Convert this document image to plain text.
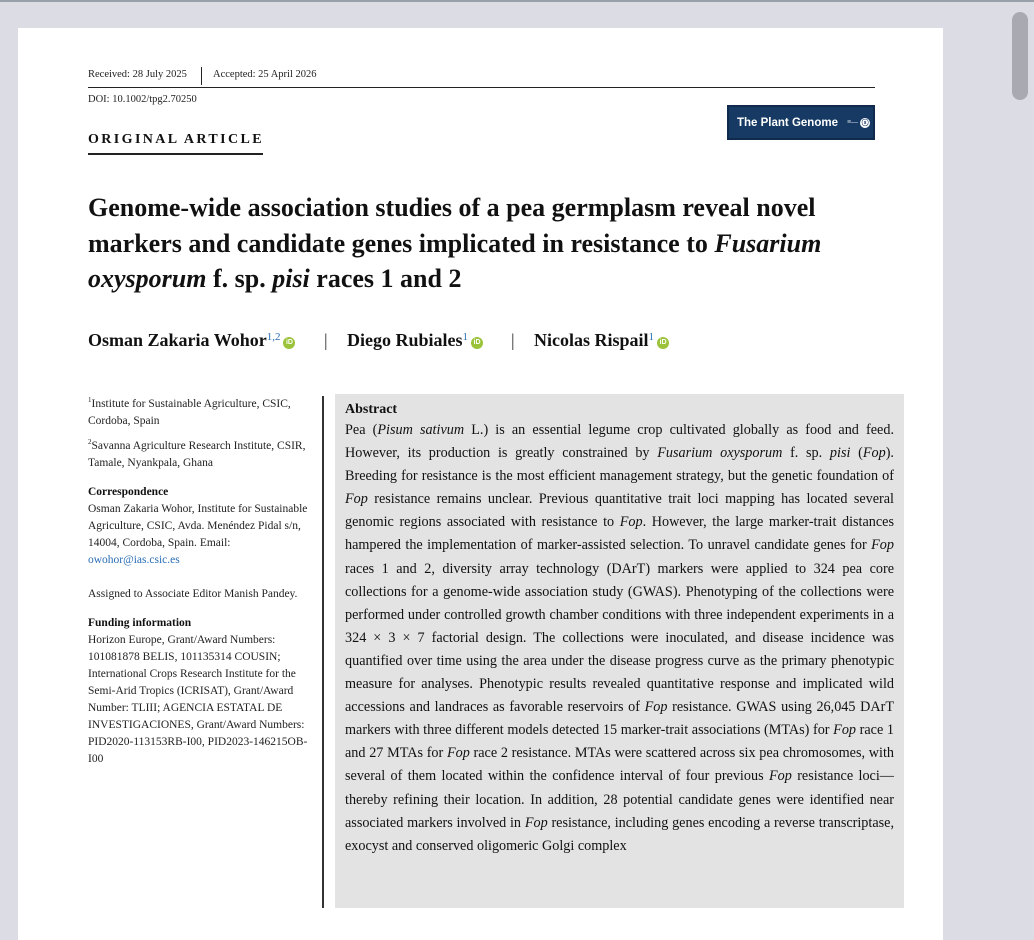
Received: 28 July 2025 Accepted: 25 April 2026
DOI: 10.1002/tpg2.70250
The Plant Genome ≡— ⓢ
ORIGINAL ARTICLE
Genome-wide association studies of a pea germplasm reveal novel markers and candidate genes implicated in resistance to Fusarium oxysporum f. sp. pisi races 1 and 2
Osman Zakaria Wohor$^{1,2}$ iD | Diego Rubiales$^1$ iD | Nicolas Rispail$^1$ iD
$^1$Institute for Sustainable Agriculture, CSIC, Cordoba, Spain
$^2$Savanna Agriculture Research Institute, CSIR, Tamale, Nyankpala, Ghana
Correspondence
Osman Zakaria Wohor, Institute for Sustainable Agriculture, CSIC, Avda. Menéndez Pidal s/n, 14004, Cordoba, Spain. Email: owohor@ias.csic.es
Assigned to Associate Editor Manish Pandey.
Funding information
Horizon Europe, Grant/Award Numbers: 101081878 BELIS, 101135314 COUSIN; International Crops Research Institute for the Semi-Arid Tropics (ICRISAT), Grant/Award Number: TLIII; AGENCIA ESTATAL DE INVESTIGACIONES, Grant/Award Numbers: PID2020-113153RB-I00, PID2023-146215OB-I00
Abstract
Pea (Pisum sativum L.) is an essential legume crop cultivated globally as food and feed. However, its production is greatly constrained by Fusarium oxysporum f. sp. pisi (Fop). Breeding for resistance is the most efficient management strategy, but the genetic foundation of Fop resistance remains unclear. Previous quantitative trait loci mapping has located several genomic regions associated with resistance to Fop. However, the large marker-trait distances hampered the implementation of marker-assisted selection. To unravel candidate genes for Fop races 1 and 2, diversity array technology (DArT) markers were applied to 324 pea core collections for a genome-wide association study (GWAS). Phenotyping of the collections were performed under controlled growth chamber conditions with three independent experiments in a 324 × 3 × 7 factorial design. The collections were inoculated, and disease incidence was quantified over time using the area under the disease progress curve as the primary phenotypic measure for analyses. Phenotypic results revealed quantitative response and implicated wild accessions and landraces as favorable reservoirs of Fop resistance. GWAS using 26,045 DArT markers with three different models detected 15 marker-trait associations (MTAs) for Fop race 1 and 27 MTAs for Fop race 2 resistance. MTAs were scattered across six pea chromosomes, with several of them located within the confidence interval of four previous Fop resistance loci—thereby refining their location. In addition, 28 potential candidate genes were identified near associated markers involved in Fop resistance, including genes encoding a reverse transcriptase, exocyst and conserved oligomeric Golgi complex
